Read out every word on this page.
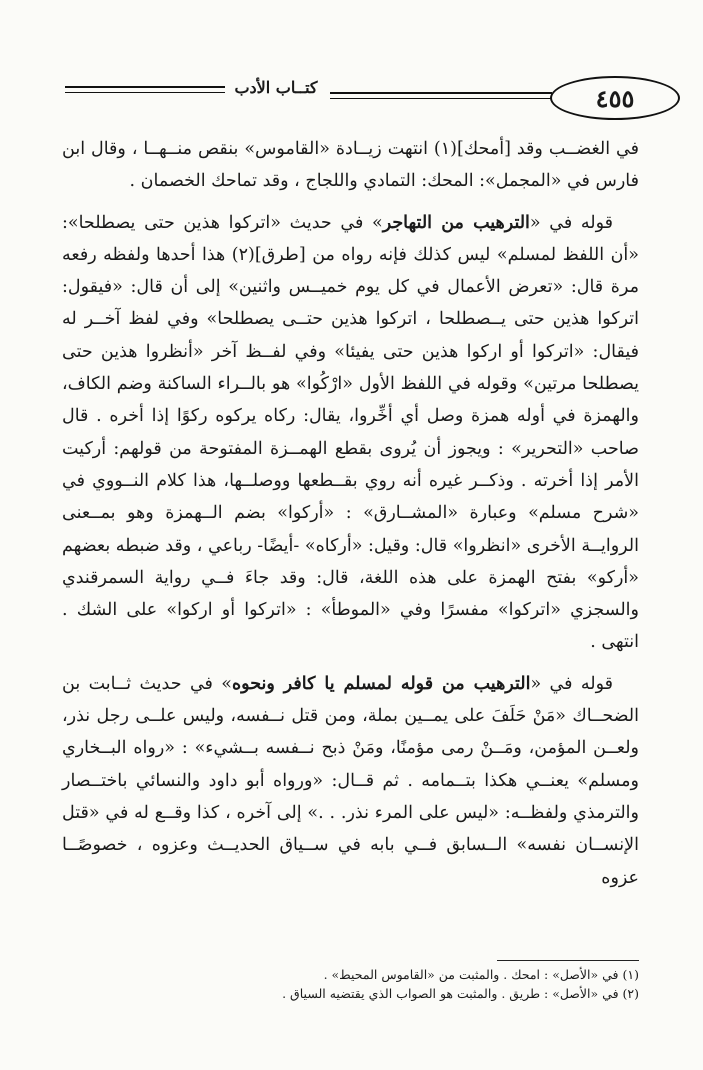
٤٥٥
كتــاب الأدب

في الغضــب وقد [أمحك](١) انتهت زيــادة «القاموس» بنقص منــهــا ، وقال ابن فارس في «المجمل»: المحك: التمادي واللجاج ، وقد تماحك الخصمان .

قوله في «الترهيب من التهاجر» في حديث «اتركوا هذين حتى يصطلحا»: «أن اللفظ لمسلم» ليس كذلك فإنه رواه من [طرق](٢) هذا أحدها ولفظه رفعه مرة قال: «تعرض الأعمال في كل يوم خميــس واثنين» إلى أن قال: «فيقول: اتركوا هذين حتى يــصطلحا ، اتركوا هذين حتــى يصطلحا» وفي لفظ آخــر له فيقال: «اتركوا أو اركوا هذين حتى يفيئا» وفي لفــظ آخر «أنظروا هذين حتى يصطلحا مرتين» وقوله في اللفظ الأول «ارْكُوا» هو بالــراء الساكنة وضم الكاف، والهمزة في أوله همزة وصل أي أخِّروا، يقال: ركاه يركوه ركوًا إذا أخره . قال صاحب «التحرير» : ويجوز أن يُروى بقطع الهمــزة المفتوحة من قولهم: أركيت الأمر إذا أخرته . وذكــر غيره أنه روي بقــطعها ووصلــها، هذا كلام النــووي في «شرح مسلم» وعبارة «المشــارق» : «أركوا» بضم الــهمزة وهو بمــعنى الروايــة الأخرى «انظروا» قال: وقيل: «أركاه» -أيضًا- رباعي ، وقد ضبطه بعضهم «أركو» بفتح الهمزة على هذه اللغة، قال: وقد جاءَ فــي رواية السمرقندي والسجزي «اتركوا» مفسرًا وفي «الموطأ» : «اتركوا أو اركوا» على الشك . انتهى .

قوله في «الترهيب من قوله لمسلم يا كافر ونحوه» في حديث ثــابت بن الضحــاك «مَنْ حَلَفَ على يمــين بملة، ومن قتل نــفسه، وليس علــى رجل نذر، ولعــن المؤمن، ومَــنْ رمى مؤمنًا، ومَنْ ذبح نــفسه بــشيء» : «رواه البــخاري ومسلم» يعنــي هكذا بتــمامه . ثم قــال: «ورواه أبو داود والنسائي باختــصار والترمذي ولفظــه: «ليس على المرء نذر. . .» إلى آخره ، كذا وقــع له في «قتل الإنســان نفسه» الــسابق فــي بابه في ســياق الحديــث وعزوه ، خصوصًــا عزوه

(١) في «الأصل» : امحك . والمثبت من «القاموس المحيط» .

(٢) في «الأصل» : طريق . والمثبت هو الصواب الذي يقتضيه السياق .
